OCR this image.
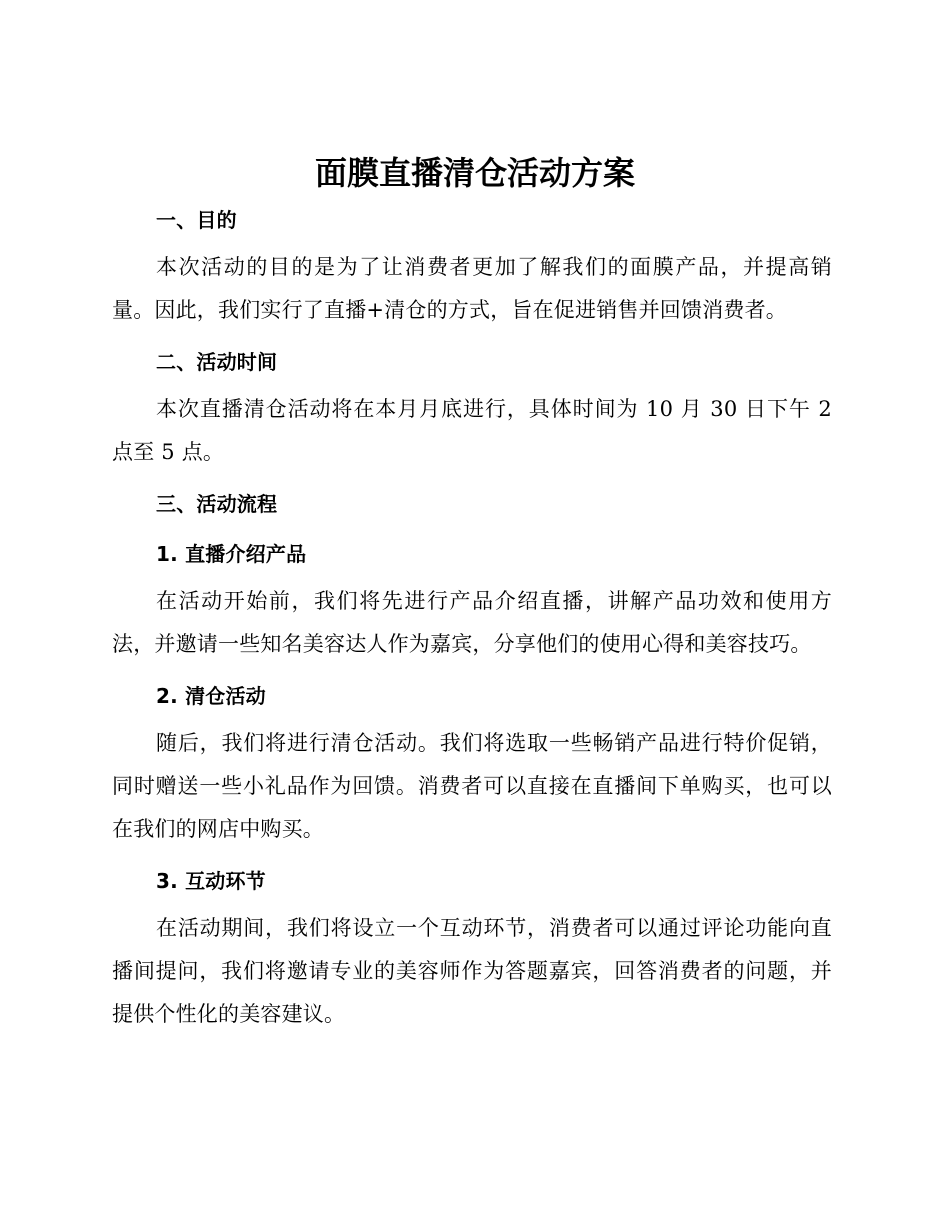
面膜直播清仓活动方案
一、目的

本次活动的目的是为了让消费者更加了解我们的面膜产品，并提高销量。因此，我们实行了直播+清仓的方式，旨在促进销售并回馈消费者。

二、活动时间

本次直播清仓活动将在本月月底进行，具体时间为 10 月 30 日下午 2 点至 5 点。

三、活动流程
1. 直播介绍产品

在活动开始前，我们将先进行产品介绍直播，讲解产品功效和使用方法，并邀请一些知名美容达人作为嘉宾，分享他们的使用心得和美容技巧。

2. 清仓活动

随后，我们将进行清仓活动。我们将选取一些畅销产品进行特价促销，同时赠送一些小礼品作为回馈。消费者可以直接在直播间下单购买，也可以在我们的网店中购买。

3. 互动环节

在活动期间，我们将设立一个互动环节，消费者可以通过评论功能向直播间提问，我们将邀请专业的美容师作为答题嘉宾，回答消费者的问题，并提供个性化的美容建议。
